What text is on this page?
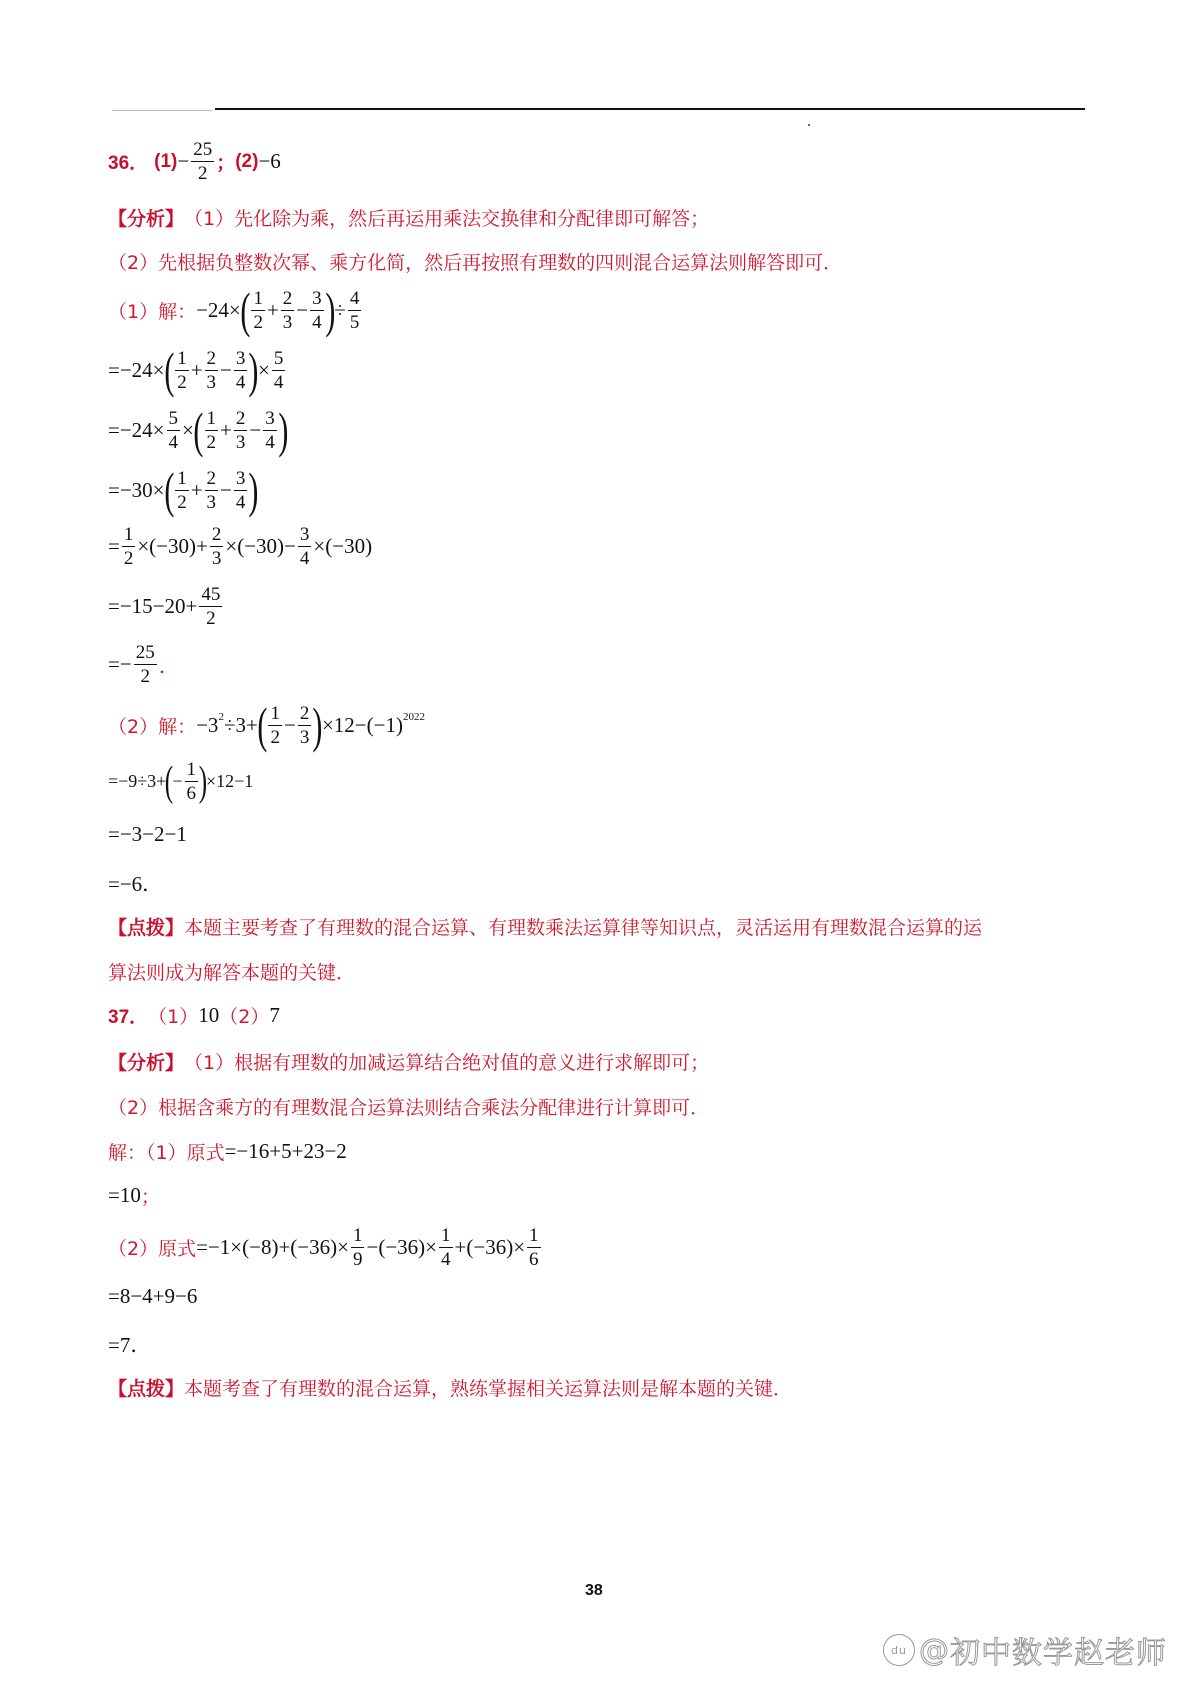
36． $(1) - \frac{25}{2}$ ； (2) −6
【分析】 （1）先化除为乘，然后再运用乘法交换律和分配律即可解答；
（2）先根据负整数次幂、乘方化简，然后再按照有理数的四则混合运算法则解答即可．
（1）解： −24× ( $\frac{1}{2} + \frac{2}{3} - \frac{3}{4}$ ) ÷ $\frac{4}{5}$
=−24× ( $\frac{1}{2} + \frac{2}{3} - \frac{3}{4}$ ) × $\frac{5}{4}$
$=-24\times \frac{5}{4}$ × ( $\frac{1}{2} + \frac{2}{3} - \frac{3}{4}$ )
=−30× ( $\frac{1}{2} + \frac{2}{3} - \frac{3}{4}$ )
= $\frac{1}{2} \times(-30)+ \frac{2}{3} \times(-30)- \frac{3}{4} \times(-30)$
$=-15-20+ \frac{45}{2}$
=− $\frac{25}{2}$ ．
（2）解： −3 2 ÷3+ ( $\frac{1}{2} - \frac{2}{3}$ ) ×12−(−1) 2022
=−9÷3+
(
− $\frac{1}{6}$ )
×12−1
=−3−2−1
=−6．
【点拨】 本题主要考查了有理数的混合运算、有理数乘法运算律等知识点，灵活运用有理数混合运算的运
算法则成为解答本题的关键．
37． （1） 10 （2） 7
【分析】 （1）根据有理数的加减运算结合绝对值的意义进行求解即可；
（2）根据含乘方的有理数混合运算法则结合乘法分配律进行计算即可．
解：（1）原式 =−16+5+23−2
=10 ；
（2）原式 $=-1\times(-8)+(-36)\times \frac{1}{9} -(-36)\times \frac{1}{4} +(-36)\times \frac{1}{6}$
=8−4+9−6
=7．
【点拨】 本题考查了有理数的混合运算，熟练掌握相关运算法则是解本题的关键．
38
du @ 初中数学赵老师
